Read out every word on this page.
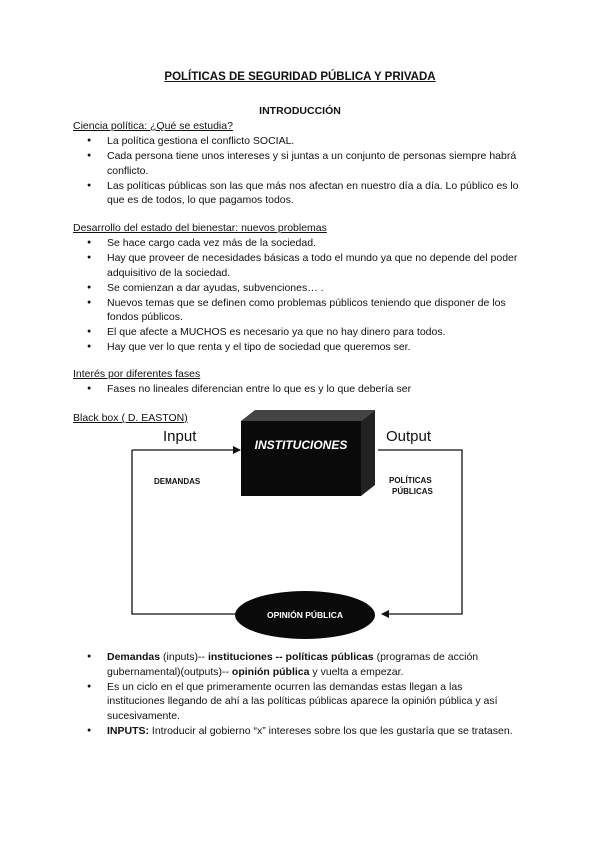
POLÍTICAS DE SEGURIDAD PÚBLICA Y PRIVADA
INTRODUCCIÓN
Ciencia política: ¿Qué se estudia?
● La política gestiona el conflicto SOCIAL.
● Cada persona tiene unos intereses y si juntas a un conjunto de personas siempre habrá conflicto.
● Las políticas públicas son las que más nos afectan en nuestro día a día. Lo público es lo que es de todos, lo que pagamos todos.
Desarrollo del estado del bienestar: nuevos problemas
● Se hace cargo cada vez más de la sociedad.
● Hay que proveer de necesidades básicas a todo el mundo ya que no depende del poder adquisitivo de la sociedad.
● Se comienzan a dar ayudas, subvenciones… .
● Nuevos temas que se definen como problemas públicos teniendo que disponer de los fondos públicos.
● El que afecte a MUCHOS es necesario ya que no hay dinero para todos.
● Hay que ver lo que renta y el tipo de sociedad que queremos ser.
Interés por diferentes fases
● Fases no lineales diferencian entre lo que es y lo que debería ser
Black box ( D. EASTON)
INSTITUCIONES
Input
DEMANDAS
Output
POLÍTICAS
PÚBLICAS
OPINIÓN PÚBLICA
● Demandas (inputs)-- instituciones -- políticas públicas (programas de acción gubernamental)(outputs)-- opinión pública y vuelta a empezar.
● Es un ciclo en el que primeramente ocurren las demandas estas llegan a las instituciones llegando de ahí a las políticas públicas aparece la opinión pública y así sucesivamente.
● INPUTS: Introducir al gobierno “x” intereses sobre los que les gustaría que se tratasen.
